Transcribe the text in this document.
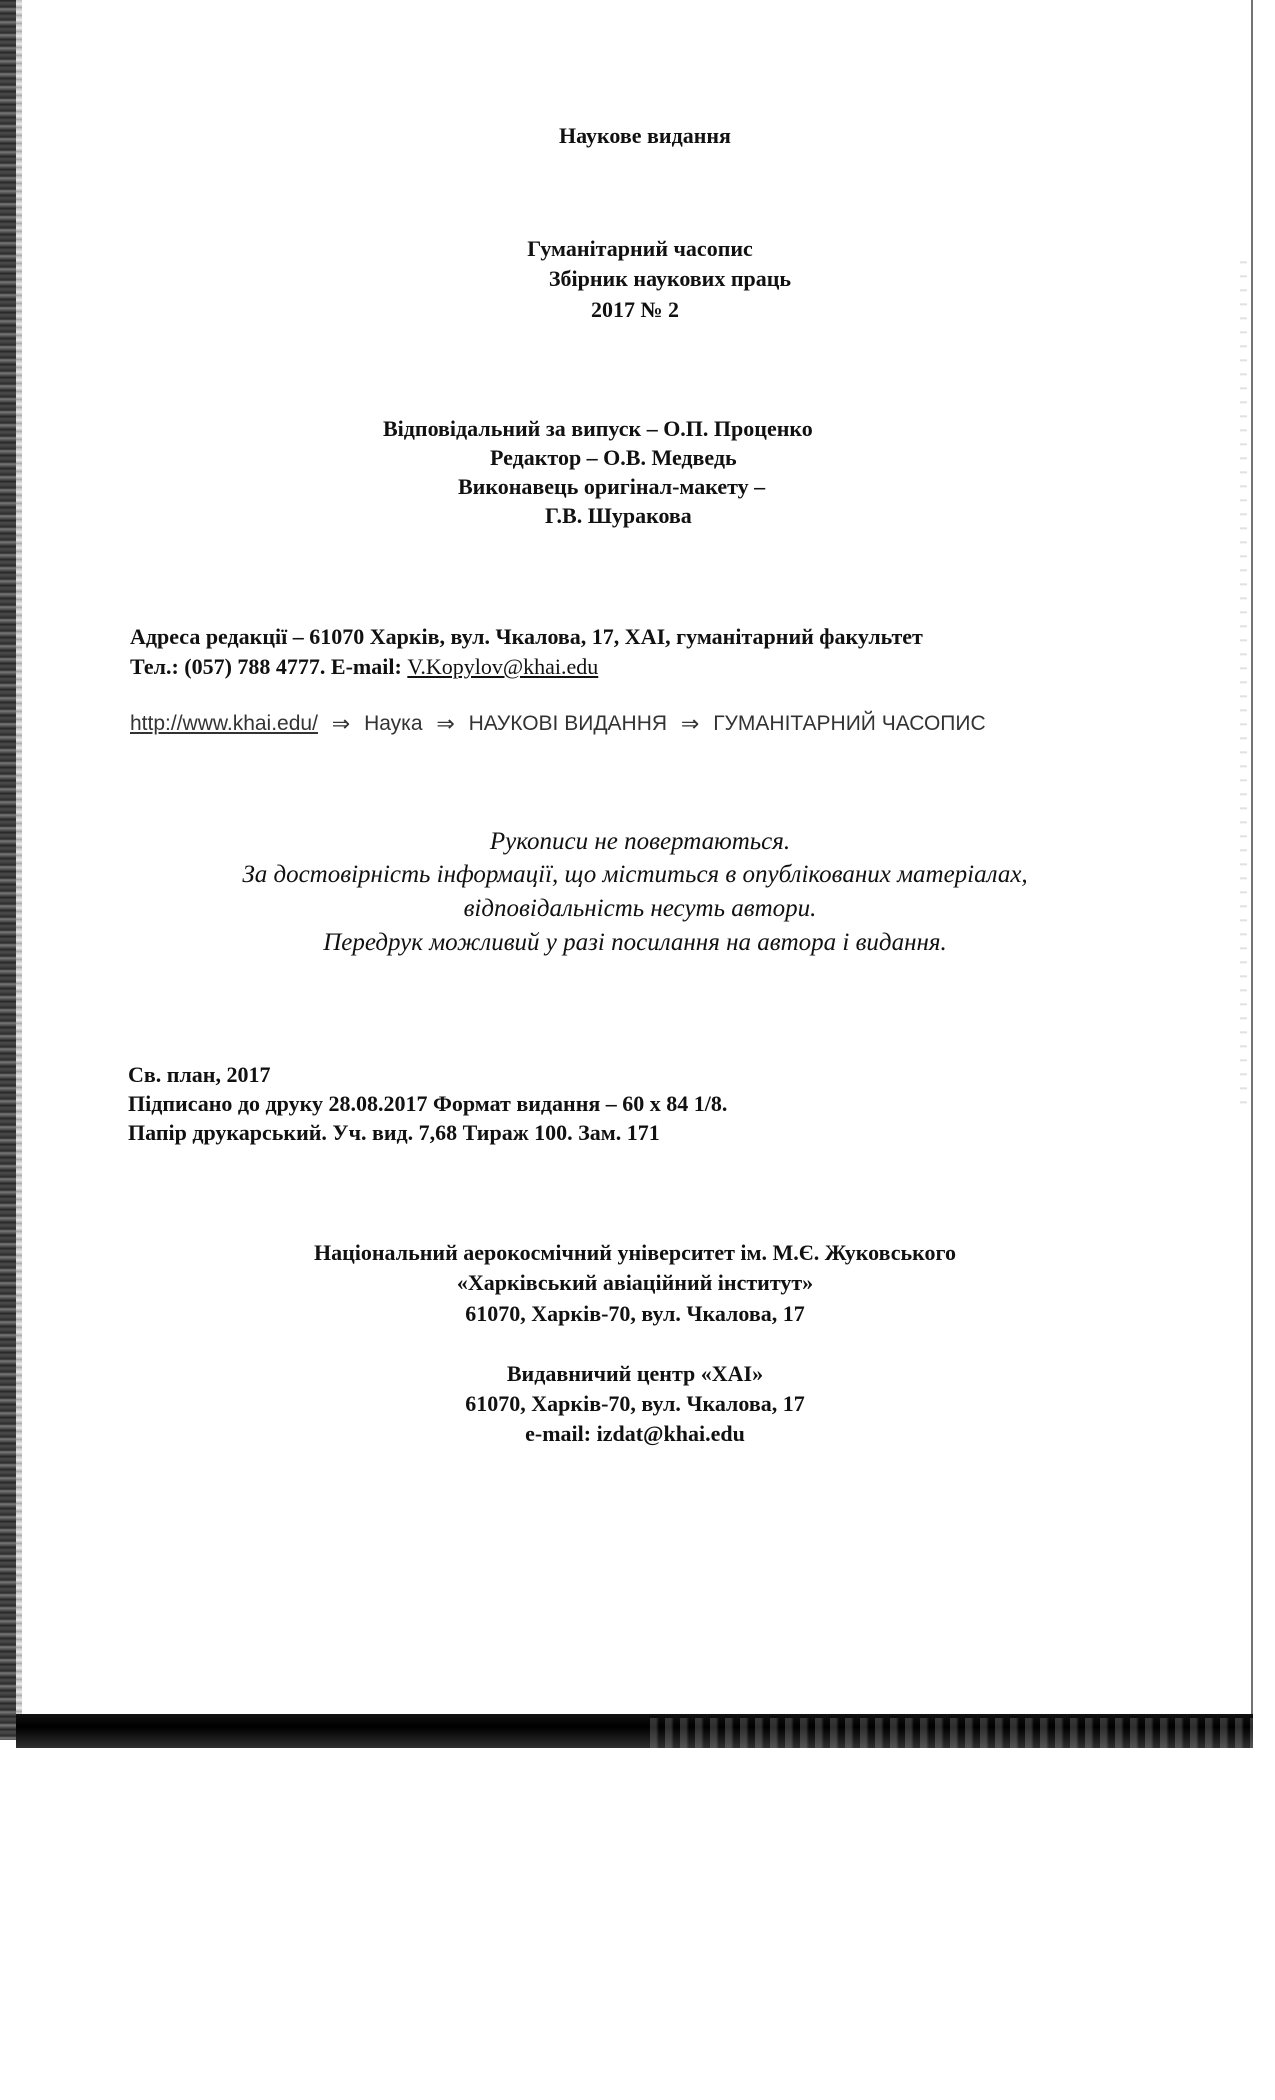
Наукове видання
Гуманітарний часопис
Збірник наукових праць
2017 № 2
Відповідальний за випуск – О.П. Проценко
Редактор – О.В. Медведь
Виконавець оригінал-макету –
Г.В. Шуракова
Адреса редакції – 61070 Харків, вул. Чкалова, 17, ХАІ, гуманітарний факультет
Тел.: (057) 788 4777. E-mail: V.Kopylov@khai.edu
http://www.khai.edu/ ⇒ Наука ⇒ НАУКОВІ ВИДАННЯ ⇒ ГУМАНІТАРНИЙ ЧАСОПИС
Рукописи не повертаються.
За достовірність інформації, що міститься в опублікованих матеріалах,
відповідальність несуть автори.
Передрук можливий у разі посилання на автора і видання.
Св. план, 2017
Підписано до друку 28.08.2017 Формат видання – 60 х 84 1/8.
Папір друкарський. Уч. вид. 7,68 Тираж 100. Зам. 171
Національний аерокосмічний університет ім. М.Є. Жуковського
«Харківський авіаційний інститут»
61070, Харків-70, вул. Чкалова, 17
Видавничий центр «ХАІ»
61070, Харків-70, вул. Чкалова, 17
e-mail: izdat@khai.edu
